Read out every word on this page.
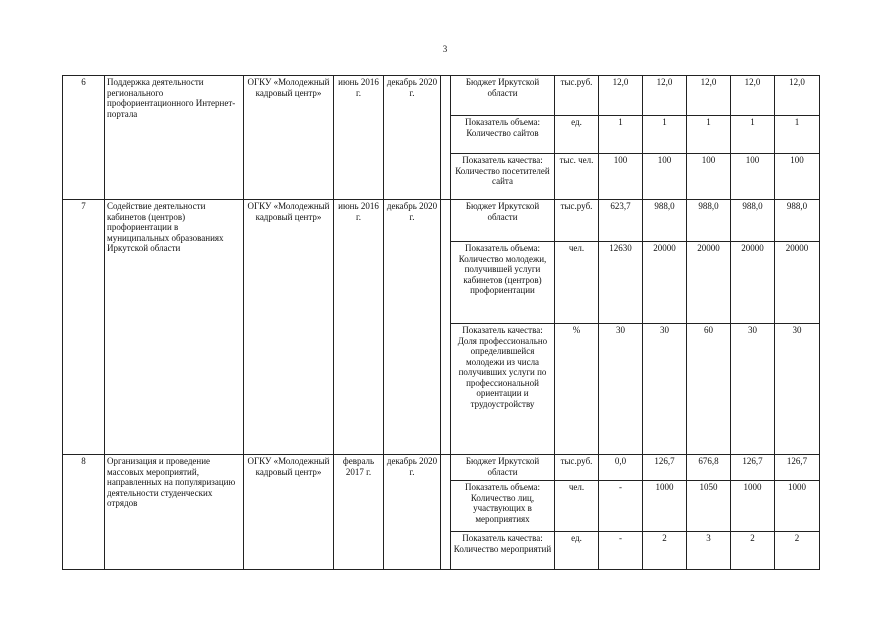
3
6	Поддержка деятельности регионального профориентационного Интернет-портала	ОГКУ «Молодежный кадровый центр»	июнь 2016 г.	декабрь 2020 г.		Бюджет Иркутской области	тыс.руб.	12,0	12,0	12,0	12,0	12,0
						Показатель объема: Количество сайтов	ед.	1	1	1	1	1
						Показатель качества: Количество посетителей сайта	тыс. чел.	100	100	100	100	100
7	Содействие деятельности кабинетов (центров) профориентации в муниципальных образованиях Иркутской области	ОГКУ «Молодежный кадровый центр»	июнь 2016 г.	декабрь 2020 г.		Бюджет Иркутской области	тыс.руб.	623,7	988,0	988,0	988,0	988,0
						Показатель объема: Количество молодежи, получившей услуги кабинетов (центров) профориентации	чел.	12630	20000	20000	20000	20000
						Показатель качества: Доля профессионально определившейся молодежи из числа получивших услуги по профессиональной ориентации и трудоустройству	%	30	30	60	30	30
8	Организация и проведение массовых мероприятий, направленных на популяризацию деятельности студенческих отрядов	ОГКУ «Молодежный кадровый центр»	февраль 2017 г.	декабрь 2020 г.		Бюджет Иркутской области	тыс.руб.	0,0	126,7	676,8	126,7	126,7
						Показатель объема: Количество лиц, участвующих в мероприятиях	чел.	-	1000	1050	1000	1000
						Показатель качества: Количество мероприятий	ед.	-	2	3	2	2
